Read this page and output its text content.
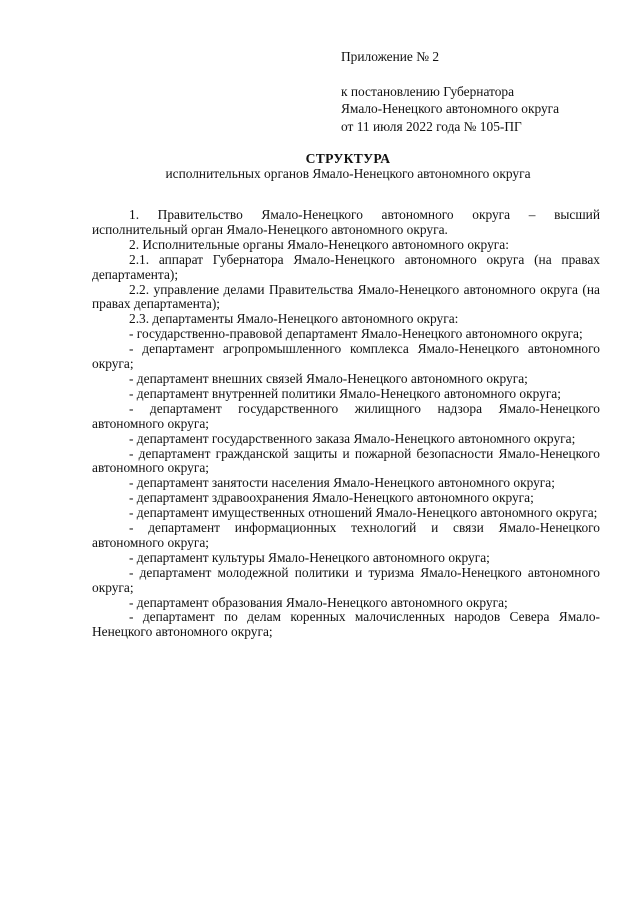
Приложение № 2
к постановлению Губернатора
Ямало-Ненецкого автономного округа
от 11 июля 2022 года № 105-ПГ
СТРУКТУРА
исполнительных органов Ямало-Ненецкого автономного округа

1. Правительство Ямало-Ненецкого автономного округа – высший исполнительный орган Ямало-Ненецкого автономного округа.

2. Исполнительные органы Ямало-Ненецкого автономного округа:

2.1. аппарат Губернатора Ямало-Ненецкого автономного округа (на правах департамента);

2.2. управление делами Правительства Ямало-Ненецкого автономного округа (на правах департамента);

2.3. департаменты Ямало-Ненецкого автономного округа:

- государственно-правовой департамент Ямало-Ненецкого автономного округа;

- департамент агропромышленного комплекса Ямало-Ненецкого автономного округа;

- департамент внешних связей Ямало-Ненецкого автономного округа;

- департамент внутренней политики Ямало-Ненецкого автономного округа;

- департамент государственного жилищного надзора Ямало-Ненецкого автономного округа;

- департамент государственного заказа Ямало-Ненецкого автономного округа;

- департамент гражданской защиты и пожарной безопасности Ямало-Ненецкого автономного округа;

- департамент занятости населения Ямало-Ненецкого автономного округа;

- департамент здравоохранения Ямало-Ненецкого автономного округа;

- департамент имущественных отношений Ямало-Ненецкого автономного округа;

- департамент информационных технологий и связи Ямало-Ненецкого автономного округа;

- департамент культуры Ямало-Ненецкого автономного округа;

- департамент молодежной политики и туризма Ямало-Ненецкого автономного округа;

- департамент образования Ямало-Ненецкого автономного округа;

- департамент по делам коренных малочисленных народов Севера Ямало-Ненецкого автономного округа;
